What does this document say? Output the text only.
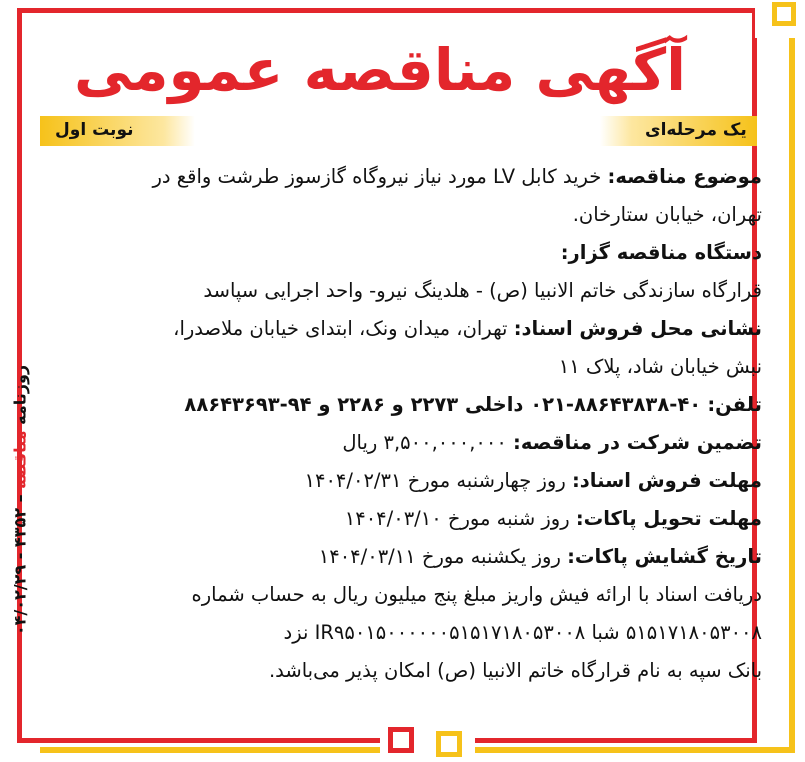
آگهی مناقصه عمومی
نوبت اول	یک مرحله‌ای
موضوع مناقصه: خرید کابل LV مورد نیاز نیروگاه گازسوز طرشت واقع در
تهران، خیابان ستارخان.
دستگاه مناقصه گزار:
قرارگاه سازندگی خاتم الانبیا (ص) - هلدینگ نیرو- واحد اجرایی سپاسد
نشانی محل فروش اسناد: تهران، میدان ونک، ابتدای خیابان ملاصدرا،
نبش خیابان شاد، پلاک ۱۱
تلفن: ۴۰-۸۸۶۴۳۸۳۸-۰۲۱ داخلی ۲۲۷۳ و ۲۲۸۶ و ۹۴-۸۸۶۴۳۶۹۳
تضمین شرکت در مناقصه: ۳,۵۰۰,۰۰۰,۰۰۰ ریال
مهلت فروش اسناد: روز چهارشنبه مورخ ۱۴۰۴/۰۲/۳۱
مهلت تحویل پاکات: روز شنبه مورخ ۱۴۰۴/۰۳/۱۰
تاریخ گشایش پاکات: روز یکشنبه مورخ ۱۴۰۴/۰۳/۱۱
دریافت اسناد با ارائه فیش واریز مبلغ پنج میلیون ریال به حساب شماره
۵۱۵۱۷۱۸۰۵۳۰۰۸ شبا IR۹۵۰۱۵۰۰۰۰۰۰۵۱۵۱۷۱۸۰۵۳۰۰۸ نزد
بانک سپه به نام قرارگاه خاتم الانبیا (ص) امکان پذیر می‌باشد.
روزنامه مناقصه – ۴۳۵۲ - ۰۴/۰۲/۲۹
